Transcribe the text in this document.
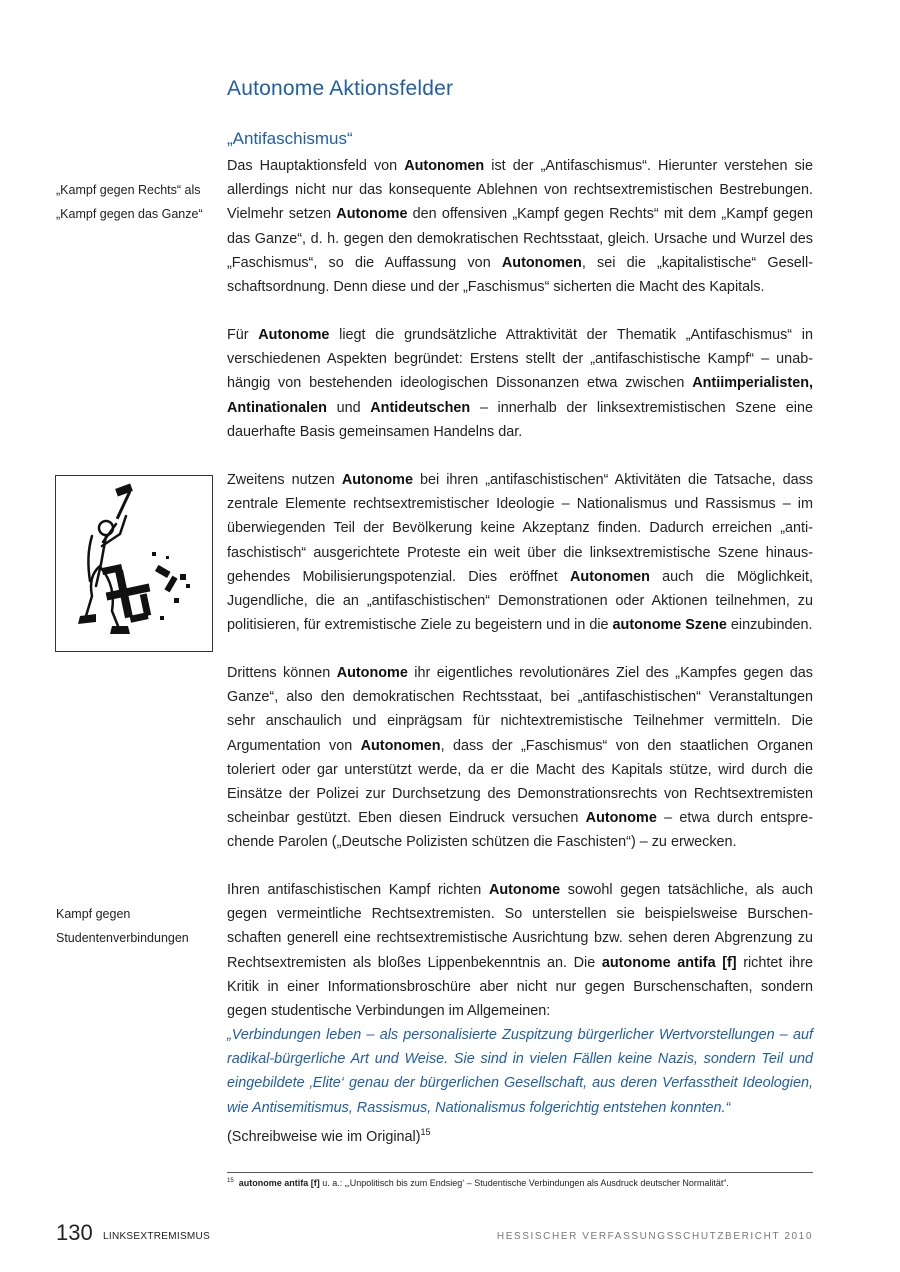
Autonome Aktionsfelder
„Antifaschismus“

„Kampf gegen Rechts“ als
„Kampf gegen das Ganze“

Das Hauptaktionsfeld von Autonomen ist der „Antifaschismus“. Hierunter verstehen sie allerdings nicht nur das konsequente Ablehnen von rechtsextremistischen Bestrebungen. Vielmehr setzen Autonome den offensiven „Kampf gegen Rechts“ mit dem „Kampf gegen das Ganze“, d. h. gegen den demokratischen Rechtsstaat, gleich. Ursache und Wurzel des „Faschismus“, so die Auffassung von Autonomen, sei die „kapitalistische“ Gesellschaftsordnung. Denn diese und der „Faschismus“ sicherten die Macht des Kapitals.

Für Autonome liegt die grundsätzliche Attraktivität der Thematik „Antifaschismus“ in verschiedenen Aspekten begründet: Erstens stellt der „antifaschistische Kampf“ – unabhängig von bestehenden ideologischen Dissonanzen etwa zwischen Antiimperialisten, Antinationalen und Antideutschen – innerhalb der linksextremistischen Szene eine dauerhafte Basis gemeinsamen Handelns dar.

Zweitens nutzen Autonome bei ihren „antifaschistischen“ Aktivitäten die Tatsache, dass zentrale Elemente rechtsextremistischer Ideologie – Nationalismus und Rassismus – im überwiegenden Teil der Bevölkerung keine Akzeptanz finden. Dadurch erreichen „antifaschistisch“ ausgerichtete Proteste ein weit über die linksextremistische Szene hinausgehendes Mobilisierungspotenzial. Dies eröffnet Autonomen auch die Möglichkeit, Jugendliche, die an „antifaschistischen“ Demonstrationen oder Aktionen teilnehmen, zu politisieren, für extremistische Ziele zu begeistern und in die autonome Szene einzubinden.

Drittens können Autonome ihr eigentliches revolutionäres Ziel des „Kampfes gegen das Ganze“, also den demokratischen Rechtsstaat, bei „antifaschistischen“ Veranstaltungen sehr anschaulich und einprägsam für nichtextremistische Teilnehmer vermitteln. Die Argumentation von Autonomen, dass der „Faschismus“ von den staatlichen Organen toleriert oder gar unterstützt werde, da er die Macht des Kapitals stütze, wird durch die Einsätze der Polizei zur Durchsetzung des Demonstrationsrechts von Rechtsextremisten scheinbar gestützt. Eben diesen Eindruck versuchen Autonome – etwa durch entsprechende Parolen („Deutsche Polizisten schützen die Faschisten“) – zu erwecken.

Kampf gegen
Studentenverbindungen

Ihren antifaschistischen Kampf richten Autonome sowohl gegen tatsächliche, als auch gegen vermeintliche Rechtsextremisten. So unterstellen sie beispielsweise Burschenschaften generell eine rechtsextremistische Ausrichtung bzw. sehen deren Abgrenzung zu Rechtsextremisten als bloßes Lippenbekenntnis an. Die autonome antifa [f] richtet ihre Kritik in einer Informationsbroschüre aber nicht nur gegen Burschenschaften, sondern gegen studentische Verbindungen im Allgemeinen:

„Verbindungen leben – als personalisierte Zuspitzung bürgerlicher Wertvorstellungen – auf radikal-bürgerliche Art und Weise. Sie sind in vielen Fällen keine Nazis, sondern Teil und eingebildete ‚Elite‘ genau der bürgerlichen Gesellschaft, aus deren Verfasstheit Ideologien, wie Antisemitismus, Rassismus, Nationalismus folgerichtig entstehen konnten.“
(Schreibweise wie im Original)$^{15}$

$^{15}$ autonome antifa [f] u. a.: „‚Unpolitisch bis zum Endsieg‘ – Studentische Verbindungen als Ausdruck deutscher Normalität“.

130 LINKSEXTREMISMUS	HESSISCHER VERFASSUNGSSCHUTZBERICHT 2010
